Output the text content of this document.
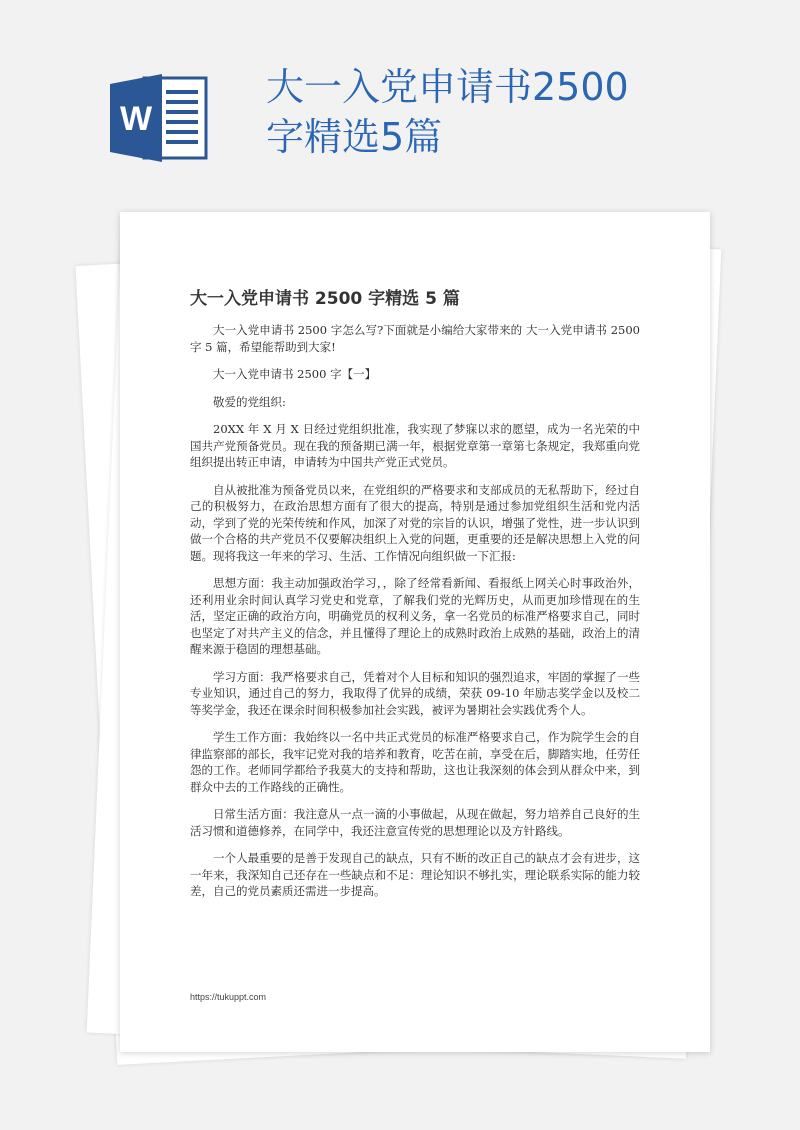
W
大一入党申请书2500字精选5篇
大一入党申请书 2500 字精选 5 篇

大一入党申请书 2500 字怎么写?下面就是小编给大家带来的 大一入党申请书 2500 字 5 篇，希望能帮助到大家!

大一入党申请书 2500 字【一】

敬爱的党组织:

20XX 年 X 月 X 日经过党组织批准，我实现了梦寐以求的愿望，成为一名光荣的中国共产党预备党员。现在我的预备期已满一年，根据党章第一章第七条规定，我郑重向党组织提出转正申请，申请转为中国共产党正式党员。

自从被批准为预备党员以来，在党组织的严格要求和支部成员的无私帮助下，经过自己的积极努力，在政治思想方面有了很大的提高，特别是通过参加党组织生活和党内活动，学到了党的光荣传统和作风，加深了对党的宗旨的认识，增强了党性，进一步认识到做一个合格的共产党员不仅要解决组织上入党的问题，更重要的还是解决思想上入党的问题。现将我这一年来的学习、生活、工作情况向组织做一下汇报:

思想方面：我主动加强政治学习，，除了经常看新闻、看报纸上网关心时事政治外，还利用业余时间认真学习党史和党章，了解我们党的光辉历史，从而更加珍惜现在的生活，坚定正确的政治方向，明确党员的权利义务，拿一名党员的标准严格要求自己，同时也坚定了对共产主义的信念，并且懂得了理论上的成熟时政治上成熟的基础，政治上的清醒来源于稳固的理想基础。

学习方面：我严格要求自己，凭着对个人目标和知识的强烈追求，牢固的掌握了一些专业知识，通过自己的努力，我取得了优异的成绩，荣获 09-10 年励志奖学金以及校二等奖学金，我还在课余时间积极参加社会实践，被评为暑期社会实践优秀个人。

学生工作方面：我始终以一名中共正式党员的标准严格要求自己，作为院学生会的自律监察部的部长，我牢记党对我的培养和教育，吃苦在前，享受在后，脚踏实地，任劳任怨的工作。老师同学都给予我莫大的支持和帮助，这也让我深刻的体会到从群众中来，到群众中去的工作路线的正确性。

日常生活方面：我注意从一点一滴的小事做起，从现在做起，努力培养自己良好的生活习惯和道德修养，在同学中，我还注意宣传党的思想理论以及方针路线。

一个人最重要的是善于发现自己的缺点，只有不断的改正自己的缺点才会有进步，这一年来，我深知自己还存在一些缺点和不足：理论知识不够扎实，理论联系实际的能力较差，自己的党员素质还需进一步提高。

https://tukuppt.com
